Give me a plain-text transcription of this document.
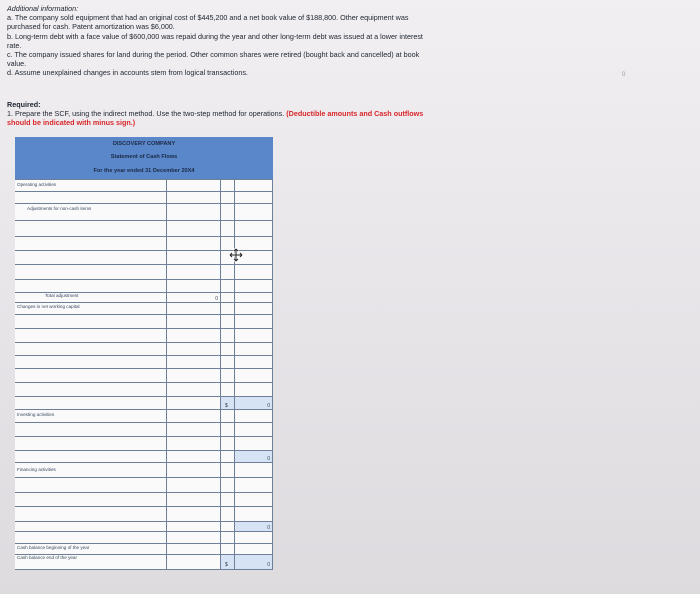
Additional information:
a. The company sold equipment that had an original cost of $445,200 and a net book value of $188,800. Other equipment was
purchased for cash. Patent amortization was $6,000.
b. Long-term debt with a face value of $600,000 was repaid during the year and other long-term debt was issued at a lower interest
rate.
c. The company issued shares for land during the period. Other common shares were retired (bought back and cancelled) at book
value.
d. Assume unexplained changes in accounts stem from logical transactions.
Required:
1. Prepare the SCF, using the indirect method. Use the two-step method for operations. (Deductible amounts and Cash outflows
should be indicated with minus sign.)
0
DISCOVERY COMPANY
Statement of Cash Flows
For the year ended 31 December 20X4
Operating activities
Adjustments for non-cash items
Total adjustment
0
Changes in net working capital
$	0
Investing activities
0
Financing activities
0
Cash balance beginning of the year
Cash balance end of the year
$	0
